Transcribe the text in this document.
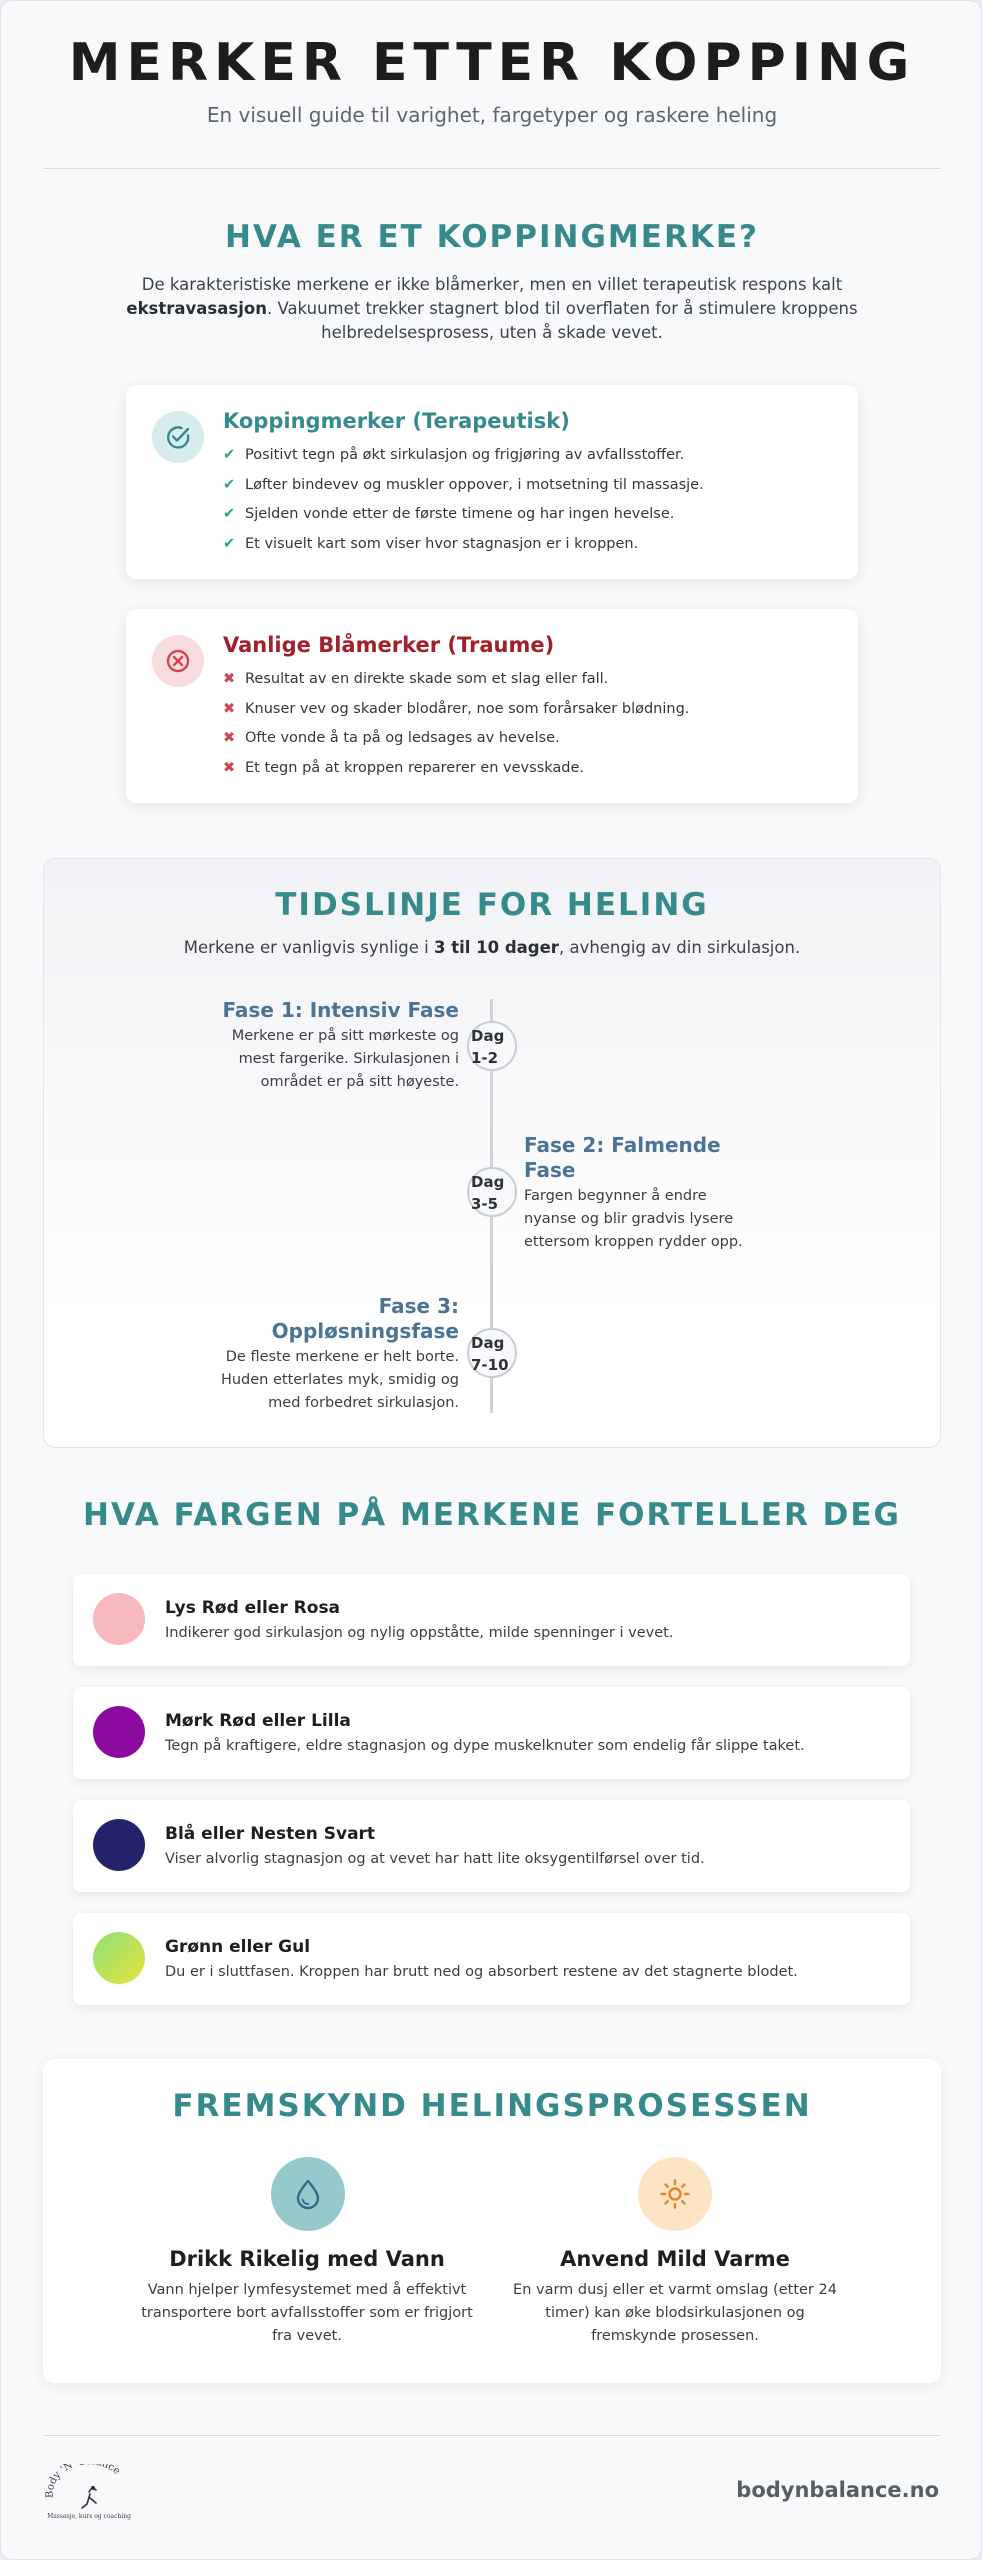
MERKER ETTER KOPPING
En visuell guide til varighet, fargetyper og raskere heling
HVA ER ET KOPPINGMERKE?

De karakteristiske merkene er ikke blåmerker, men en villet terapeutisk respons kalt ekstravasasjon. Vakuumet trekker stagnert blod til overflaten for å stimulere kroppens helbredelsesprosess, uten å skade vevet.

Koppingmerker (Terapeutisk)
✔ Positivt tegn på økt sirkulasjon og frigjøring av avfallsstoffer.
✔ Løfter bindevev og muskler oppover, i motsetning til massasje.
✔ Sjelden vonde etter de første timene og har ingen hevelse.
✔ Et visuelt kart som viser hvor stagnasjon er i kroppen.
Vanlige Blåmerker (Traume)
✖ Resultat av en direkte skade som et slag eller fall.
✖ Knuser vev og skader blodårer, noe som forårsaker blødning.
✖ Ofte vonde å ta på og ledsages av hevelse.
✖ Et tegn på at kroppen reparerer en vevsskade.
TIDSLINJE FOR HELING

Merkene er vanligvis synlige i 3 til 10 dager, avhengig av din sirkulasjon.

Fase 1: Intensiv Fase
Merkene er på sitt mørkeste og
mest fargerike. Sirkulasjonen i
området er på sitt høyeste.
Dag
1-2
Fase 2: Falmende
Fase
Fargen begynner å endre
nyanse og blir gradvis lysere
ettersom kroppen rydder opp.
Dag
3-5
Fase 3:
Oppløsningsfase
De fleste merkene er helt borte.
Huden etterlates myk, smidig og
med forbedret sirkulasjon.
Dag
7-10
HVA FARGEN PÅ MERKENE FORTELLER DEG
Lys Rød eller Rosa

Indikerer god sirkulasjon og nylig oppståtte, milde spenninger i vevet.

Mørk Rød eller Lilla

Tegn på kraftigere, eldre stagnasjon og dype muskelknuter som endelig får slippe taket.

Blå eller Nesten Svart

Viser alvorlig stagnasjon og at vevet har hatt lite oksygentilførsel over tid.

Grønn eller Gul

Du er i sluttfasen. Kroppen har brutt ned og absorbert restene av det stagnerte blodet.

FREMSKYND HELINGSPROSESSEN
Drikk Rikelig med Vann
Vann hjelper lymfesystemet med å effektivt
transportere bort avfallsstoffer som er frigjort
fra vevet.
Anvend Mild Varme
En varm dusj eller et varmt omslag (etter 24
timer) kan øke blodsirkulasjonen og
fremskynde prosessen.
Body 'N' nce
Massasje, kurs og coaching
bodynbalance.no
